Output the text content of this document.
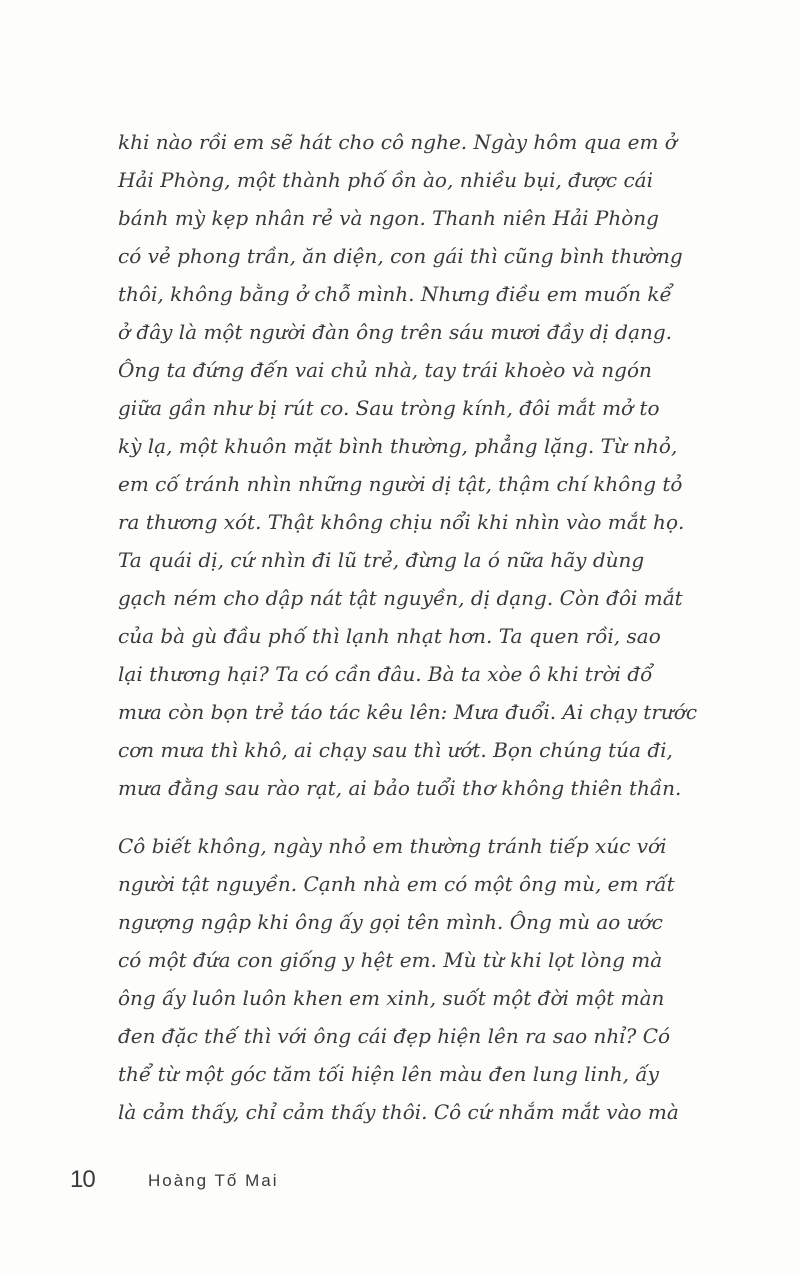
khi nào rồi em sẽ hát cho cô nghe. Ngày hôm qua em ở
Hải Phòng, một thành phố ồn ào, nhiều bụi, được cái
bánh mỳ kẹp nhân rẻ và ngon. Thanh niên Hải Phòng
có vẻ phong trần, ăn diện, con gái thì cũng bình thường
thôi, không bằng ở chỗ mình. Nhưng điều em muốn kể
ở đây là một người đàn ông trên sáu mươi đầy dị dạng.
Ông ta đứng đến vai chủ nhà, tay trái khoèo và ngón
giữa gần như bị rút co. Sau tròng kính, đôi mắt mở to
kỳ lạ, một khuôn mặt bình thường, phẳng lặng. Từ nhỏ,
em cố tránh nhìn những người dị tật, thậm chí không tỏ
ra thương xót. Thật không chịu nổi khi nhìn vào mắt họ.
Ta quái dị, cứ nhìn đi lũ trẻ, đừng la ó nữa hãy dùng
gạch ném cho dập nát tật nguyền, dị dạng. Còn đôi mắt
của bà gù đầu phố thì lạnh nhạt hơn. Ta quen rồi, sao
lại thương hại? Ta có cần đâu. Bà ta xòe ô khi trời đổ
mưa còn bọn trẻ táo tác kêu lên: Mưa đuổi. Ai chạy trước
cơn mưa thì khô, ai chạy sau thì ướt. Bọn chúng túa đi,
mưa đằng sau rào rạt, ai bảo tuổi thơ không thiên thần.
Cô biết không, ngày nhỏ em thường tránh tiếp xúc với
người tật nguyền. Cạnh nhà em có một ông mù, em rất
ngượng ngập khi ông ấy gọi tên mình. Ông mù ao ước
có một đứa con giống y hệt em. Mù từ khi lọt lòng mà
ông ấy luôn luôn khen em xinh, suốt một đời một màn
đen đặc thế thì với ông cái đẹp hiện lên ra sao nhỉ? Có
thể từ một góc tăm tối hiện lên màu đen lung linh, ấy
là cảm thấy, chỉ cảm thấy thôi. Cô cứ nhắm mắt vào mà
10	Hoàng Tố Mai
